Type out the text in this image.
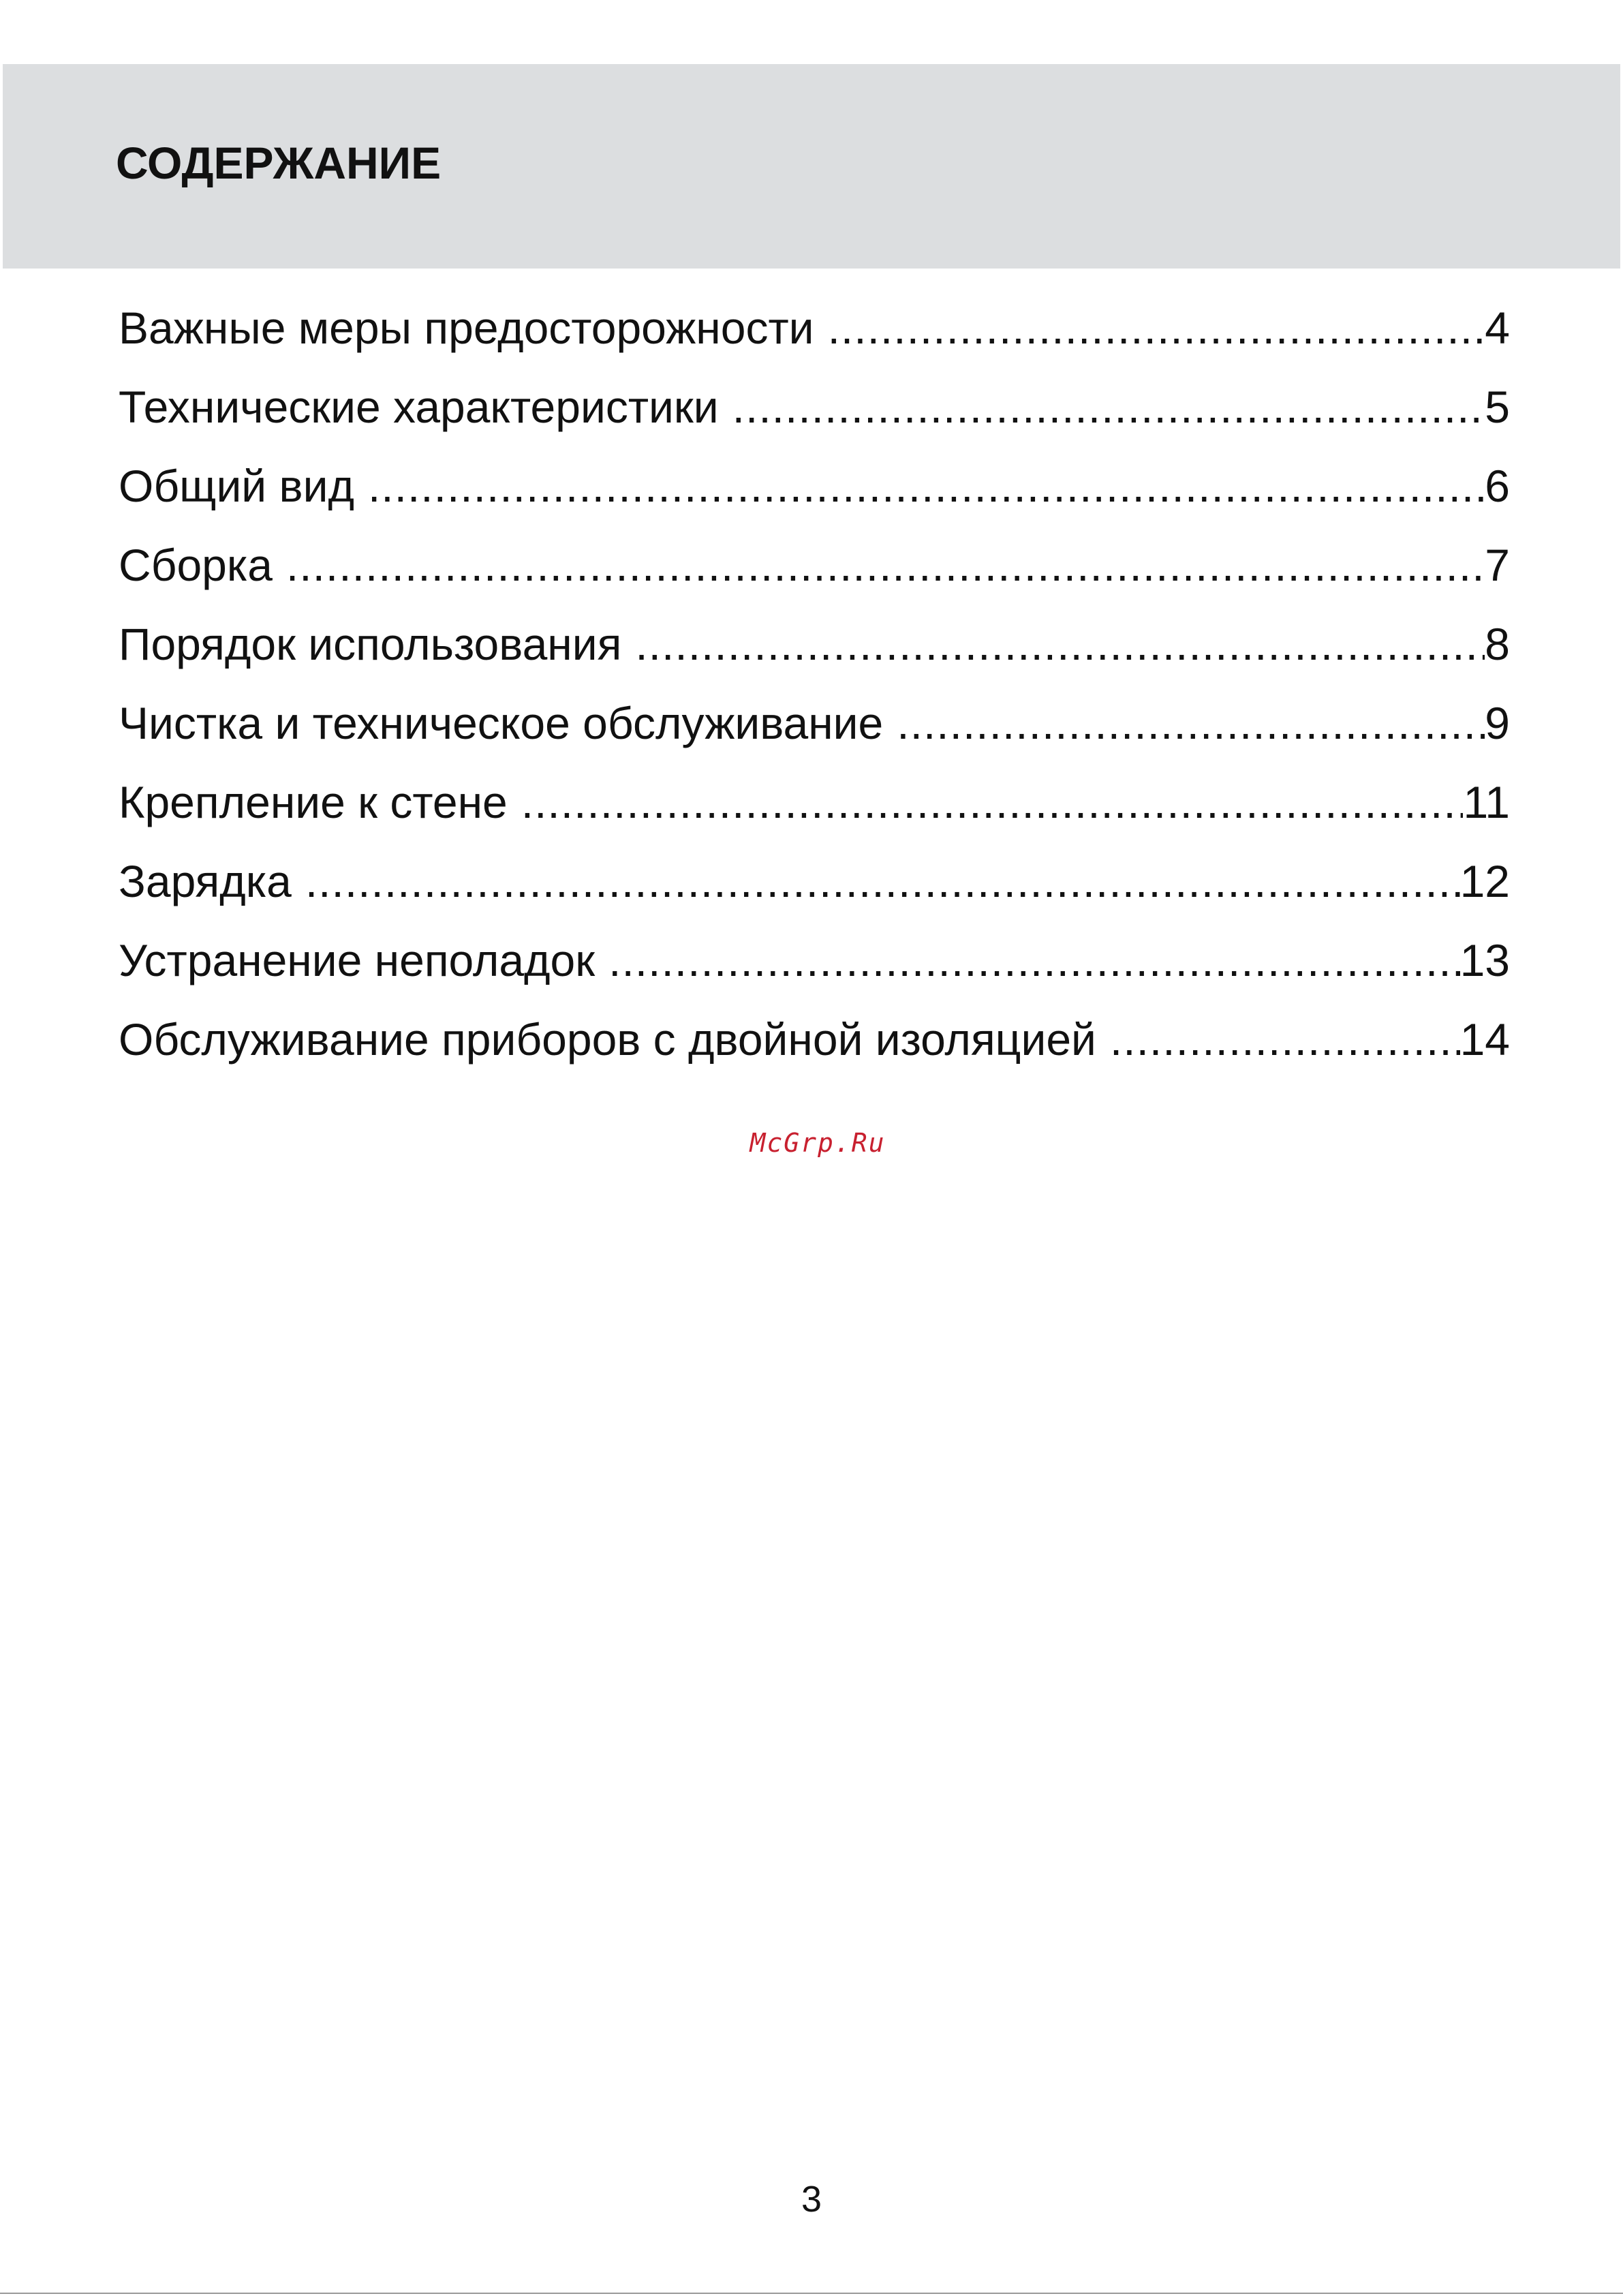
СОДЕРЖАНИЕ
Важные меры предосторожности .....	4
Технические характеристики .....	5
Общий вид .....	6
Сборка .....	7
Порядок использования .....	8
Чистка и техническое обслуживание .....	9
Крепление к стене .....	11
Зарядка .....	12
Устранение неполадок .....	13
Обслуживание приборов с двойной изоляцией .....	14
McGrp.Ru
3
